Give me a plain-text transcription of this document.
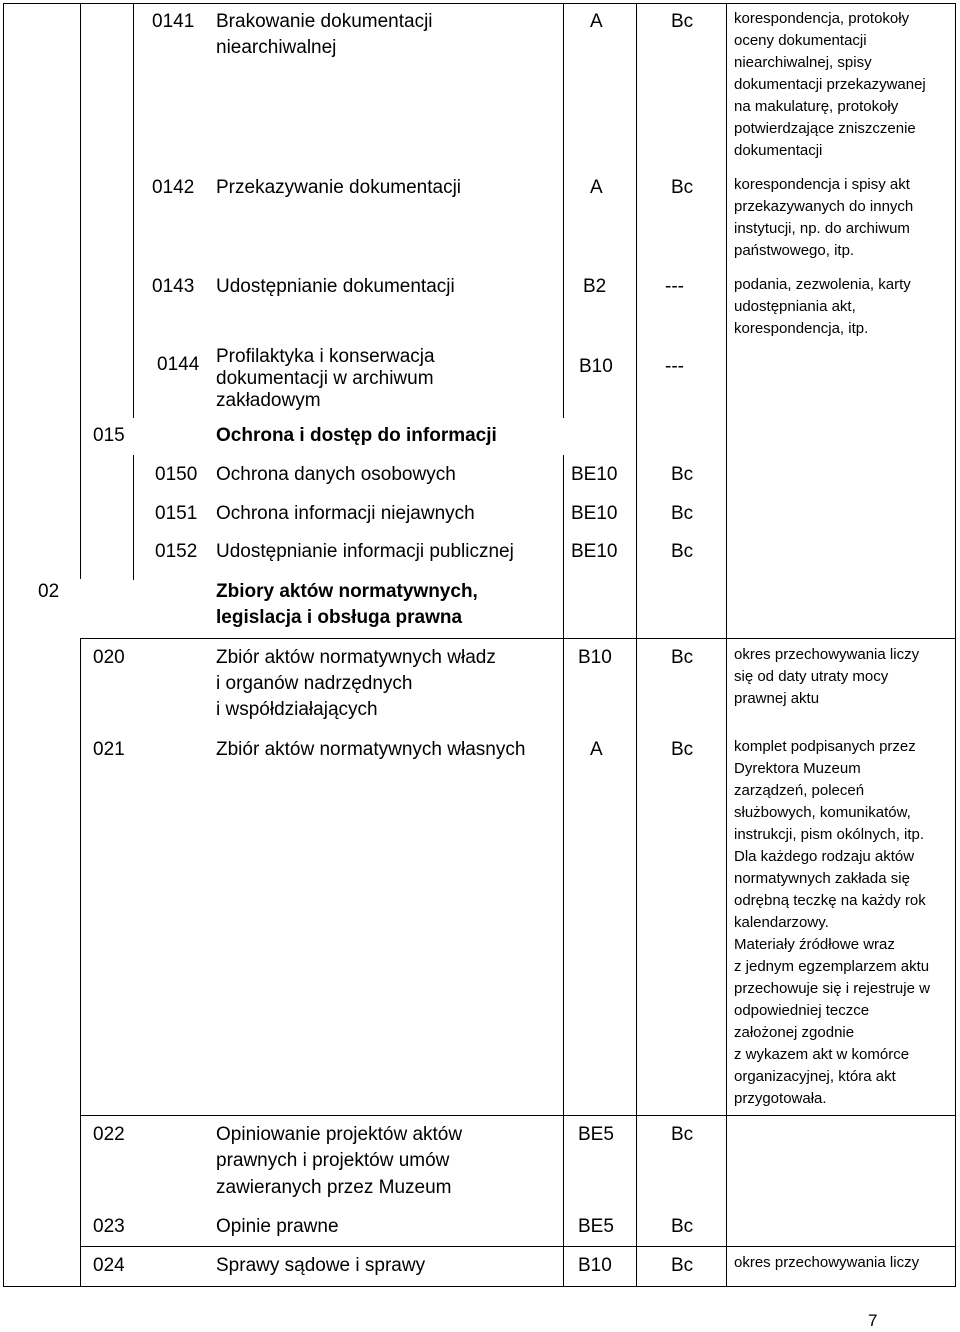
0141 Brakowanie dokumentacji
niearchiwalnej
A	Bc	korespondencja, protokoły
oceny dokumentacji
niearchiwalnej, spisy
dokumentacji przekazywanej
na makulaturę, protokoły
potwierdzające zniszczenie
dokumentacji
0142 Przekazywanie dokumentacji	A	Bc	korespondencja i spisy akt
przekazywanych do innych
instytucji, np. do archiwum
państwowego, itp.
0143 Udostępnianie dokumentacji	B2	---	podania, zezwolenia, karty
udostępniania akt,
korespondencja, itp.
0144 Profilaktyka i konserwacja
dokumentacji w archiwum
zakładowym
B10	---
015	Ochrona i dostęp do informacji
0150 Ochrona danych osobowych	BE10	Bc
0151 Ochrona informacji niejawnych	BE10	Bc
0152 Udostępnianie informacji publicznej	BE10	Bc
02	Zbiory aktów normatywnych,
legislacja i obsługa prawna
020	Zbiór aktów normatywnych władz
i organów nadrzędnych
i współdziałających
B10	Bc	okres przechowywania liczy
się od daty utraty mocy
prawnej aktu
021	Zbiór aktów normatywnych własnych	A	Bc	komplet podpisanych przez
Dyrektora Muzeum
zarządzeń, poleceń
służbowych, komunikatów,
instrukcji, pism okólnych, itp.
Dla każdego rodzaju aktów
normatywnych zakłada się
odrębną teczkę na każdy rok
kalendarzowy.
Materiały źródłowe wraz
z jednym egzemplarzem aktu
przechowuje się i rejestruje w
odpowiedniej teczce
założonej zgodnie
z wykazem akt w komórce
organizacyjnej, która akt
przygotowała.
022	Opiniowanie projektów aktów
prawnych i projektów umów
zawieranych przez Muzeum
BE5	Bc
023	Opinie prawne	BE5	Bc
024	Sprawy sądowe i sprawy	B10	Bc	okres przechowywania liczy
7
